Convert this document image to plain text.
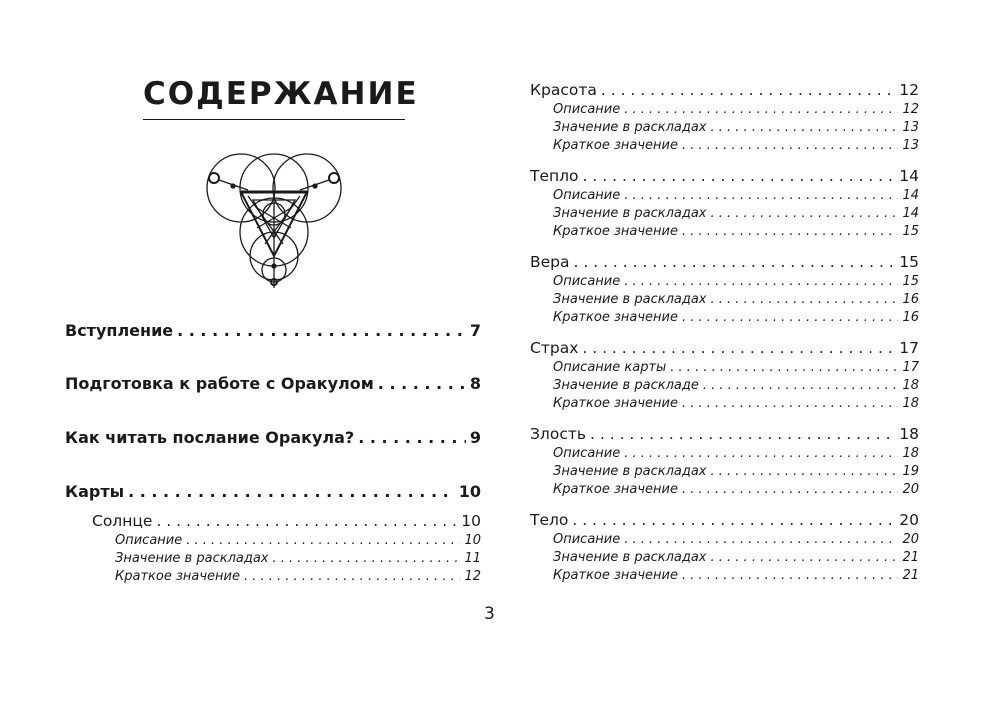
СОДЕРЖАНИЕ
Вступление . . .	7
Подготовка к работе с Оракулом . . .	8
Как читать послание Оракула? . . .	9
Карты . . .	10
Солнце . . .	10
Описание . . .	10
Значение в раскладах . . .	11
Краткое значение . . .	12
3
Красота . . .	12
Описание . . .	12
Значение в раскладах . . .	13
Краткое значение . . .	13
Тепло . . .	14
Описание . . .	14
Значение в раскладах . . .	14
Краткое значение . . .	15
Вера . . .	15
Описание . . .	15
Значение в раскладах . . .	16
Краткое значение . . .	16
Страх . . .	17
Описание карты . . .	17
Значение в раскладе . . .	18
Краткое значение . . .	18
Злость . . .	18
Описание . . .	18
Значение в раскладах . . .	19
Краткое значение . . .	20
Тело . . .	20
Описание . . .	20
Значение в раскладах . . .	21
Краткое значение . . .	21
